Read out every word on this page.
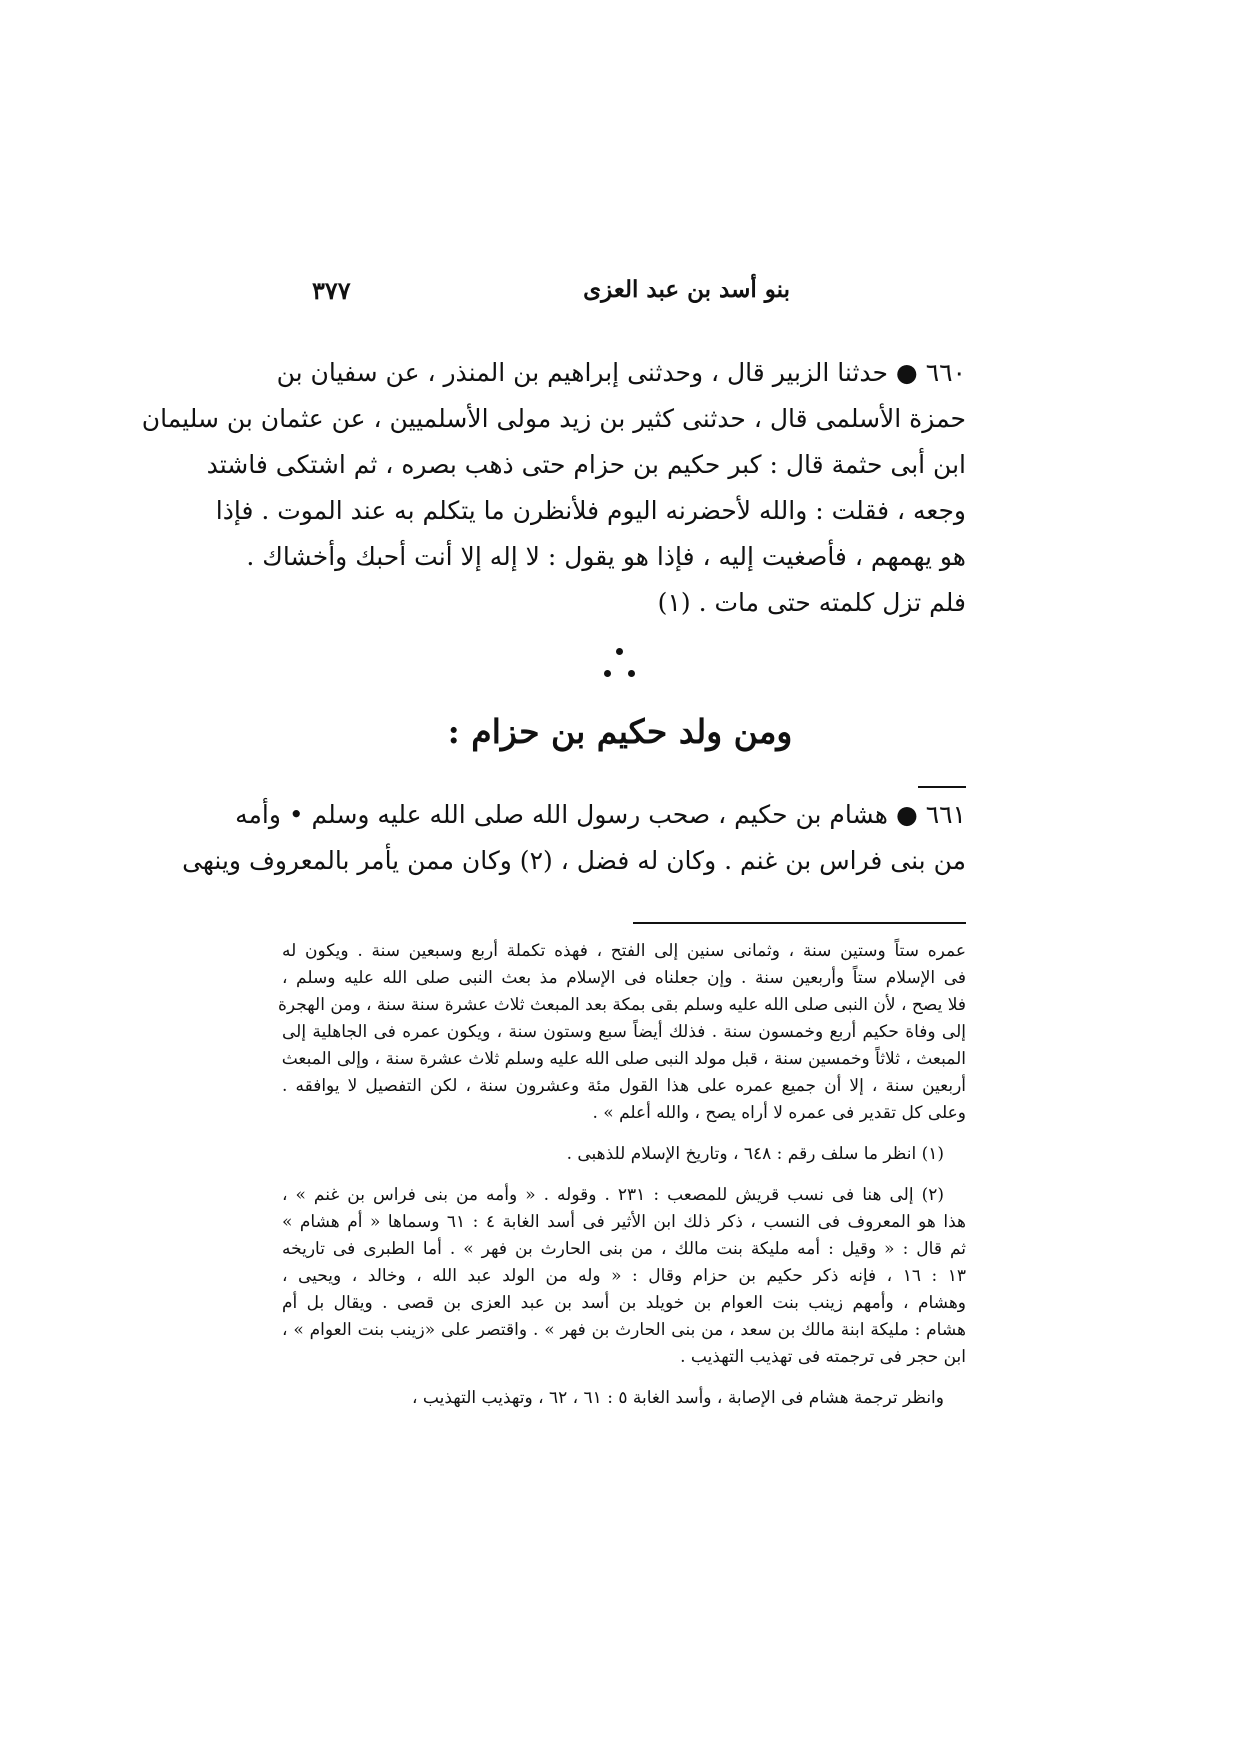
بنو أسد بن عبد العزى
٣٧٧
٦٦٠ ● حدثنا الزبير قال ، وحدثنى إبراهيم بن المنذر ، عن سفيان بن
حمزة الأسلمى قال ، حدثنى كثير بن زيد مولى الأسلميين ، عن عثمان بن سليمان
ابن أبى حثمة قال : كبر حكيم بن حزام حتى ذهب بصره ، ثم اشتكى فاشتد
وجعه ، فقلت : والله لأحضرنه اليوم فلأنظرن ما يتكلم به عند الموت . فإذا
هو يهمهم ، فأصغيت إليه ، فإذا هو يقول : لا إله إلا أنت أحبك وأخشاك .
فلم تزل كلمته حتى مات . (١)
ومن ولد حكيم بن حزام :
٦٦١ ● هشام بن حكيم ، صحب رسول الله صلى الله عليه وسلم • وأمه
من بنى فراس بن غنم . وكان له فضل ، (٢) وكان ممن يأمر بالمعروف وينهى
عمره ستاً وستين سنة ، وثمانى سنين إلى الفتح ، فهذه تكملة أربع وسبعين سنة . ويكون له
فى الإسلام ستاً وأربعين سنة . وإن جعلناه فى الإسلام مذ بعث النبى صلى الله عليه وسلم ،
فلا يصح ، لأن النبى صلى الله عليه وسلم بقى بمكة بعد المبعث ثلاث عشرة سنة سنة ، ومن الهجرة
إلى وفاة حكيم أربع وخمسون سنة . فذلك أيضاً سبع وستون سنة ، ويكون عمره فى الجاهلية إلى
المبعث ، ثلاثاً وخمسين سنة ، قبل مولد النبى صلى الله عليه وسلم ثلاث عشرة سنة ، وإلى المبعث
أربعين سنة ، إلا أن جميع عمره على هذا القول مئة وعشرون سنة ، لكن التفصيل لا يوافقه .
وعلى كل تقدير فى عمره لا أراه يصح ، والله أعلم » .
(١) انظر ما سلف رقم : ٦٤٨ ، وتاريخ الإسلام للذهبى .
(٢) إلى هنا فى نسب قريش للمصعب : ٢٣١ . وقوله . « وأمه من بنى فراس بن غنم » ،
هذا هو المعروف فى النسب ، ذكر ذلك ابن الأثير فى أسد الغابة ٤ : ٦١ وسماها « أم هشام »
ثم قال : « وقيل : أمه مليكة بنت مالك ، من بنى الحارث بن فهر » . أما الطبرى فى تاريخه
١٣ : ١٦ ، فإنه ذكر حكيم بن حزام وقال : « وله من الولد عبد الله ، وخالد ، ويحيى ،
وهشام ، وأمهم زينب بنت العوام بن خويلد بن أسد بن عبد العزى بن قصى . ويقال بل أم
هشام : مليكة ابنة مالك بن سعد ، من بنى الحارث بن فهر » . واقتصر على «زينب بنت العوام » ،
ابن حجر فى ترجمته فى تهذيب التهذيب .
وانظر ترجمة هشام فى الإصابة ، وأسد الغابة ٥ : ٦١ ، ٦٢ ، وتهذيب التهذيب ،
